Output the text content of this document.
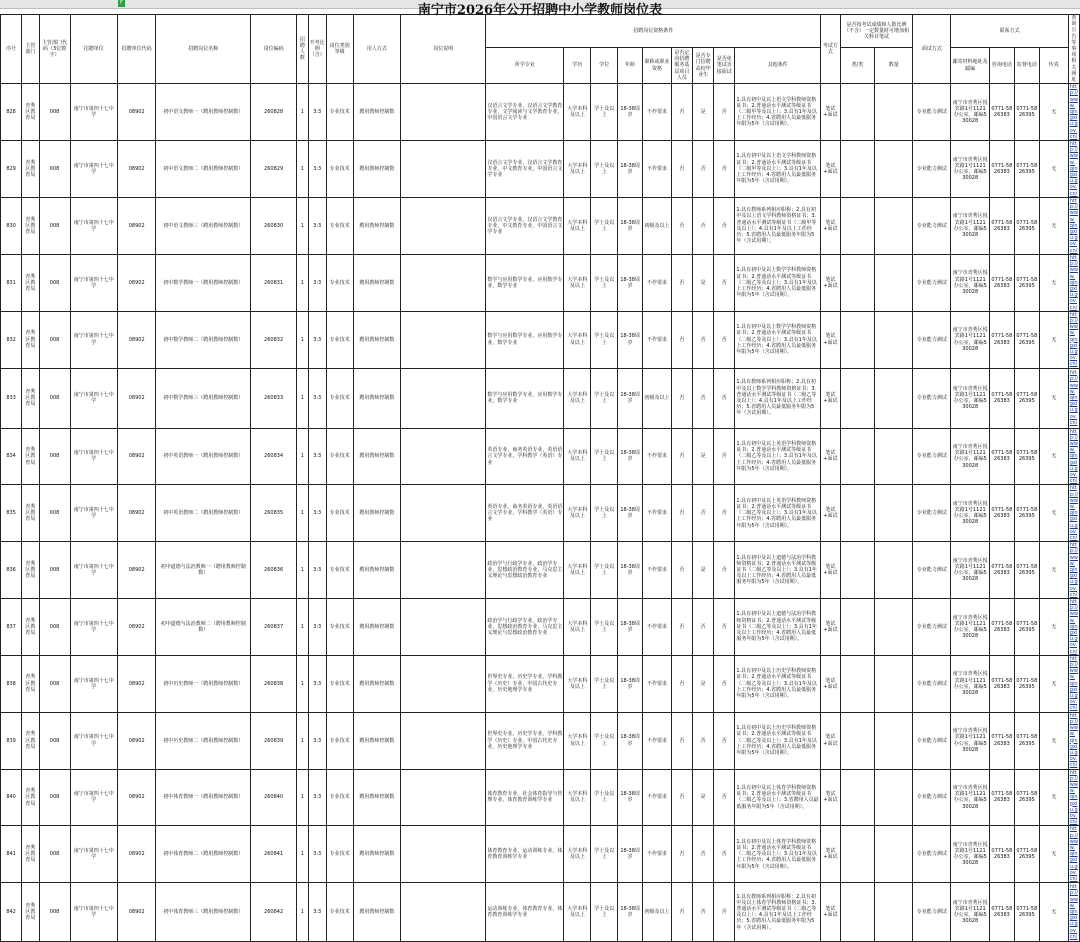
F	南宁市2026年公开招聘中小学教师岗位表
序号	主管部门	主管部门代码（3位数字）	招聘单位	招聘单位代码	招聘岗位名称	岗位编码	招聘人数	开考比例（含）	岗位类别等级	用人方式	岗位说明	招聘岗位资格条件									考试方式	是否按考试成绩和人数比例（不含）一定数量时可增加相关科目笔试		面试方式	联系方式				查询公告等事项相关网址
												所学专业	学历	学位	年龄	职称或职业资格	是否定向招聘服务基层项目人员	是否专门招聘高校毕业生	是否免笔试直接面试	其他条件		类/类	数量		邮寄材料地址及邮编	咨询电话	监督电话	传真	
828	青秀区教育局	008	南宁市第四十七中学	08902	初中语文教师一（聘用教师控制数）	260828	1	3:3	专业技术	聘用教师控制数		汉语言文学专业，汉语言文学教育专业，文学阅读与文学教育专业，中国语言文学专业	大学本科及以上	学士及以上	18-38周岁	不作要求	否	是	否	1.具有初中及以上语文学科教师资格证书；2.普通话水平测试等级证书（二级甲等及以上）；3.具有1年及以上工作经历；4.省聘用人员最低服务年限为5年（含试用期）。	笔试+面试			专业能力测试	南宁市青秀区悦宾路1号1121办公室，邮编530028	0771-5826383	0771-5826395	无	http://www.qingxiu.gov.cn/
829	青秀区教育局	008	南宁市第四十七中学	08902	初中语文教师二（聘用教师控制数）	260829	1	3:3	专业技术	聘用教师控制数		汉语言文学专业，汉语言文学教育专业，中文教育专业，中国语言文学专业	大学本科及以上	学士及以上	18-38周岁	不作要求	否	否	否	1.具有初中及以上语文学科教师资格证书；2.普通话水平测试等级证书（二级甲等及以上）；3.具有1年及以上工作经历；4.省聘用人员最低服务年限为5年（含试用期）。	笔试+面试			专业能力测试	南宁市青秀区悦宾路1号1121办公室，邮编530028	0771-5826383	0771-5826395	无	http://www.qingxiu.gov.cn/
830	青秀区教育局	008	南宁市第四十七中学	08902	初中语文教师三（聘用教师控制数）	260830	1	3:3	专业技术	聘用教师控制数		汉语言文学专业，汉语言文学教育专业，中文教育专业，中国语言文学专业	大学本科及以上	学士及以上	18-38周岁	初级及以上	否	否	否	1.具有教师系列相应职称；2.具有初中及以上语文学科教师资格证书；3.普通话水平测试等级证书（二级甲等及以上）；4.具有1年及以上工作经历；5.省聘用人员最低服务年限为5年（含试用期）。	笔试+面试			专业能力测试	南宁市青秀区悦宾路1号1121办公室，邮编530028	0771-5826383	0771-5826395	无	http://www.qingxiu.gov.cn/
831	青秀区教育局	008	南宁市第四十七中学	08902	初中数学教师一（聘用教师控制数）	260831	1	3:3	专业技术	聘用教师控制数		数学与应用数学专业，应用数学专业，数学专业	大学本科及以上	学士及以上	18-38周岁	不作要求	否	是	否	1.具有初中及以上数学学科教师资格证书；2.普通话水平测试等级证书（二级乙等及以上）；3.具有1年及以上工作经历；4.省聘用人员最低服务年限为5年（含试用期）。	笔试+面试			专业能力测试	南宁市青秀区悦宾路1号1121办公室，邮编530028	0771-5826383	0771-5826395	无	http://www.qingxiu.gov.cn/
832	青秀区教育局	008	南宁市第四十七中学	08902	初中数学教师二（聘用教师控制数）	260832	1	3:3	专业技术	聘用教师控制数		数学与应用数学专业，应用数学专业，数学专业	大学本科及以上	学士及以上	18-38周岁	不作要求	否	否	否	1.具有初中及以上数学学科教师资格证书；2.普通话水平测试等级证书（二级乙等及以上）；3.具有1年及以上工作经历；4.省聘用人员最低服务年限为5年（含试用期）。	笔试+面试			专业能力测试	南宁市青秀区悦宾路1号1121办公室，邮编530028	0771-5826383	0771-5826395	无	http://www.qingxiu.gov.cn/
833	青秀区教育局	008	南宁市第四十七中学	08902	初中数学教师三（聘用教师控制数）	260833	1	3:3	专业技术	聘用教师控制数		数学与应用数学专业，应用数学专业，数学专业	大学本科及以上	学士及以上	18-38周岁	初级及以上	否	否	否	1.具有教师系列相应职称；2.具有初中及以上数学学科教师资格证书；3.普通话水平测试等级证书（二级乙等及以上）；4.具有1年及以上工作经历；5.省聘用人员最低服务年限为5年（含试用期）。	笔试+面试			专业能力测试	南宁市青秀区悦宾路1号1121办公室，邮编530028	0771-5826383	0771-5826395	无	http://www.qingxiu.gov.cn/
834	青秀区教育局	008	南宁市第四十七中学	08902	初中英语教师一（聘用教师控制数）	260834	1	3:3	专业技术	聘用教师控制数		英语专业，商务英语专业，英语语言文学专业，学科教学（英语）专业	大学本科及以上	学士及以上	18-38周岁	不作要求	否	是	否	1.具有初中及以上英语学科教师资格证书；2.普通话水平测试等级证书（二级乙等及以上）；3.具有1年及以上工作经历；4.省聘用人员最低服务年限为5年（含试用期）。	笔试+面试			专业能力测试	南宁市青秀区悦宾路1号1121办公室，邮编530028	0771-5826383	0771-5826395	无	http://www.qingxiu.gov.cn/
835	青秀区教育局	008	南宁市第四十七中学	08902	初中英语教师二（聘用教师控制数）	260835	1	3:3	专业技术	聘用教师控制数		英语专业，商务英语专业，英语语言文学专业，学科教学（英语）专业	大学本科及以上	学士及以上	18-38周岁	不作要求	否	否	否	1.具有初中及以上英语学科教师资格证书；2.普通话水平测试等级证书（二级乙等及以上）；3.具有1年及以上工作经历；4.省聘用人员最低服务年限为5年（含试用期）。	笔试+面试			专业能力测试	南宁市青秀区悦宾路1号1121办公室，邮编530028	0771-5826383	0771-5826395	无	http://www.qingxiu.gov.cn/
836	青秀区教育局	008	南宁市第四十七中学	08902	初中道德与法治教师一（聘用教师控制数）	260836	1	3:3	专业技术	聘用教师控制数		政治学与行政学专业，政治学专业，思想政治教育专业，马克思主义理论与思想政治教育专业	大学本科及以上	学士及以上	18-38周岁	不作要求	否	是	否	1.具有初中及以上道德与法治学科教师资格证书；2.普通话水平测试等级证书（二级乙等及以上）；3.具有1年及以上工作经历；4.省聘用人员最低服务年限为5年（含试用期）。	笔试+面试			专业能力测试	南宁市青秀区悦宾路1号1121办公室，邮编530028	0771-5826383	0771-5826395	无	http://www.qingxiu.gov.cn/
837	青秀区教育局	008	南宁市第四十七中学	08902	初中道德与法治教师二（聘用教师控制数）	260837	1	3:3	专业技术	聘用教师控制数		政治学与行政学专业，政治学专业，思想政治教育专业，马克思主义理论与思想政治教育专业	大学本科及以上	学士及以上	18-38周岁	不作要求	否	否	否	1.具有初中及以上道德与法治学科教师资格证书；2.普通话水平测试等级证书（二级乙等及以上）；3.具有1年及以上工作经历；4.省聘用人员最低服务年限为5年（含试用期）。	笔试+面试			专业能力测试	南宁市青秀区悦宾路1号1121办公室，邮编530028	0771-5826383	0771-5826395	无	http://www.qingxiu.gov.cn/
838	青秀区教育局	008	南宁市第四十七中学	08902	初中历史教师一（聘用教师控制数）	260838	1	3:3	专业技术	聘用教师控制数		世界史专业，历史学专业，学科教学（历史）专业，中国古代史专业，历史地理学专业	大学本科及以上	学士及以上	18-38周岁	不作要求	否	是	否	1.具有初中及以上历史学科教师资格证书；2.普通话水平测试等级证书（二级乙等及以上）；3.具有1年及以上工作经历；4.省聘用人员最低服务年限为5年（含试用期）。	笔试+面试			专业能力测试	南宁市青秀区悦宾路1号1121办公室，邮编530028	0771-5826383	0771-5826395	无	http://www.qingxiu.gov.cn/
839	青秀区教育局	008	南宁市第四十七中学	08902	初中历史教师二（聘用教师控制数）	260839	1	3:3	专业技术	聘用教师控制数		世界史专业，历史学专业，学科教学（历史）专业，中国古代史专业，历史地理学专业	大学本科及以上	学士及以上	18-38周岁	不作要求	否	否	否	1.具有初中及以上历史学科教师资格证书；2.普通话水平测试等级证书（二级乙等及以上）；3.具有1年及以上工作经历；4.省聘用人员最低服务年限为5年（含试用期）。	笔试+面试			专业能力测试	南宁市青秀区悦宾路1号1121办公室，邮编530028	0771-5826383	0771-5826395	无	http://www.qingxiu.gov.cn/
840	青秀区教育局	008	南宁市第四十七中学	08902	初中体育教师一（聘用教师控制数）	260840	1	3:3	专业技术	聘用教师控制数		体育教育专业，社会体育指导与管理专业，体育教育训练学专业	大学本科及以上	学士及以上	18-38周岁	不作要求	否	是	否	1.具有初中及以上体育学科教师资格证书；2.普通话水平测试等级证书（二级乙等及以上）；3.省聘用人员最低服务年限为5年（含试用期）。	笔试+面试			专业能力测试	南宁市青秀区悦宾路1号1121办公室，邮编530028	0771-5826383	0771-5826395	无	http://www.qingxiu.gov.cn/
841	青秀区教育局	008	南宁市第四十七中学	08902	初中体育教师二（聘用教师控制数）	260841	1	3:3	专业技术	聘用教师控制数		体育教育专业，运动训练专业，体育教育训练学专业	大学本科及以上	学士及以上	18-38周岁	不作要求	否	否	否	1.具有初中及以上体育学科教师资格证书；2.普通话水平测试等级证书（二级乙等及以上）；3.具有1年及以上工作经历；4.省聘用人员最低服务年限为5年（含试用期）。	笔试+面试			专业能力测试	南宁市青秀区悦宾路1号1121办公室，邮编530028	0771-5826383	0771-5826395	无	http://www.qingxiu.gov.cn/
842	青秀区教育局	008	南宁市第四十七中学	08902	初中体育教师三（聘用教师控制数）	260842	1	3:3	专业技术	聘用教师控制数		运动训练专业，体育教育专业，体育教育训练学专业	大学本科及以上	学士及以上	18-38周岁	初级及以上	否	否	否	1.具有教师系列相应职称；2.具有初中及以上体育学科教师资格证书；3.普通话水平测试等级证书（二级乙等及以上）；4.具有1年及以上工作经历；5.省聘用人员最低服务年限为5年（含试用期）。	笔试+面试			专业能力测试	南宁市青秀区悦宾路1号1121办公室，邮编530028	0771-5826383	0771-5826395	无	http://www.qingxiu.gov.cn/
